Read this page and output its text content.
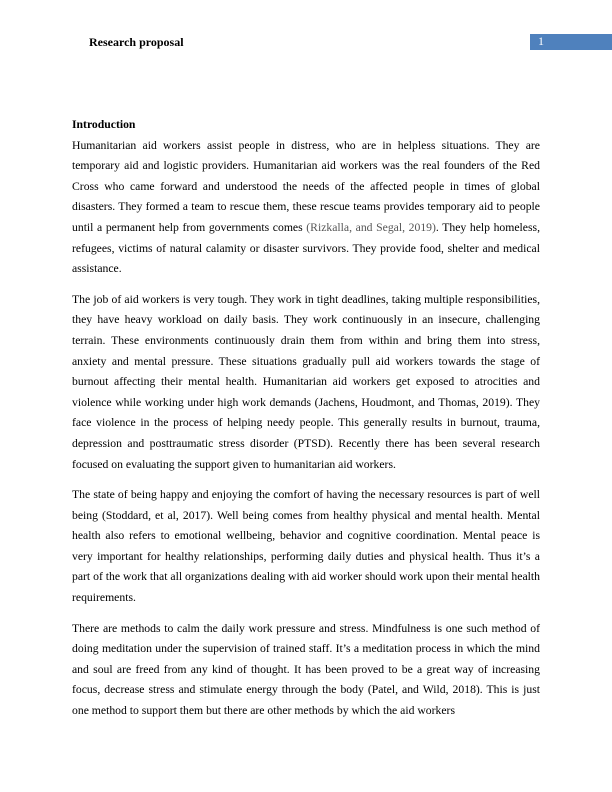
Research proposal	1

Introduction

Humanitarian aid workers assist people in distress, who are in helpless situations. They are temporary aid and logistic providers. Humanitarian aid workers was the real founders of the Red Cross who came forward and understood the needs of the affected people in times of global disasters. They formed a team to rescue them, these rescue teams provides temporary aid to people until a permanent help from governments comes (Rizkalla, and Segal, 2019). They help homeless, refugees, victims of natural calamity or disaster survivors. They provide food, shelter and medical assistance.

The job of aid workers is very tough. They work in tight deadlines, taking multiple responsibilities, they have heavy workload on daily basis. They work continuously in an insecure, challenging terrain. These environments continuously drain them from within and bring them into stress, anxiety and mental pressure. These situations gradually pull aid workers towards the stage of burnout affecting their mental health. Humanitarian aid workers get exposed to atrocities and violence while working under high work demands (Jachens, Houdmont, and Thomas, 2019). They face violence in the process of helping needy people. This generally results in burnout, trauma, depression and posttraumatic stress disorder (PTSD). Recently there has been several research focused on evaluating the support given to humanitarian aid workers.

The state of being happy and enjoying the comfort of having the necessary resources is part of well being (Stoddard, et al, 2017). Well being comes from healthy physical and mental health. Mental health also refers to emotional wellbeing, behavior and cognitive coordination. Mental peace is very important for healthy relationships, performing daily duties and physical health. Thus it’s a part of the work that all organizations dealing with aid worker should work upon their mental health requirements.

There are methods to calm the daily work pressure and stress. Mindfulness is one such method of doing meditation under the supervision of trained staff. It’s a meditation process in which the mind and soul are freed from any kind of thought. It has been proved to be a great way of increasing focus, decrease stress and stimulate energy through the body (Patel, and Wild, 2018). This is just one method to support them but there are other methods by which the aid workers
